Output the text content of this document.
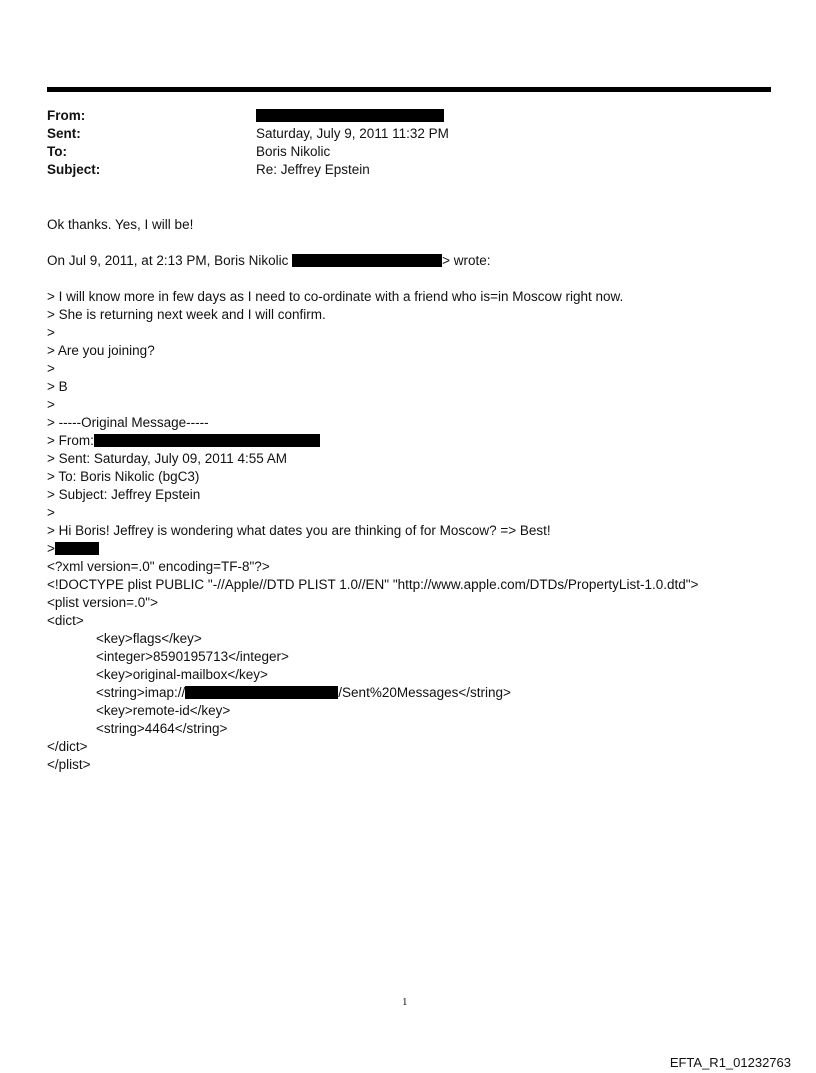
From:
Sent:	Saturday, July 9, 2011 11:32 PM
To:	Boris Nikolic
Subject:	Re: Jeffrey Epstein
Ok thanks. Yes, I will be!
On Jul 9, 2011, at 2:13 PM, Boris Nikolic	> wrote:
> I will know more in few days as I need to co-ordinate with a friend who is=in Moscow right now.
> She is returning next week and I will confirm.
>
> Are you joining?
>
> B
>
> -----Original Message-----
> From:
> Sent: Saturday, July 09, 2011 4:55 AM
> To: Boris Nikolic (bgC3)
> Subject: Jeffrey Epstein
>
> Hi Boris! Jeffrey is wondering what dates you are thinking of for Moscow? => Best!
>
<?xml version=.0" encoding=TF-8"?>
<!DOCTYPE plist PUBLIC "-//Apple//DTD PLIST 1.0//EN" "http://www.apple.com/DTDs/PropertyList-1.0.dtd">
<plist version=.0">
<dict>
<key>flags</key>
<integer>8590195713</integer>
<key>original-mailbox</key>
<string>imap://	/Sent%20Messages</string>
<key>remote-id</key>
<string>4464</string>
</dict>
</plist>
1
EFTA_R1_01232763
